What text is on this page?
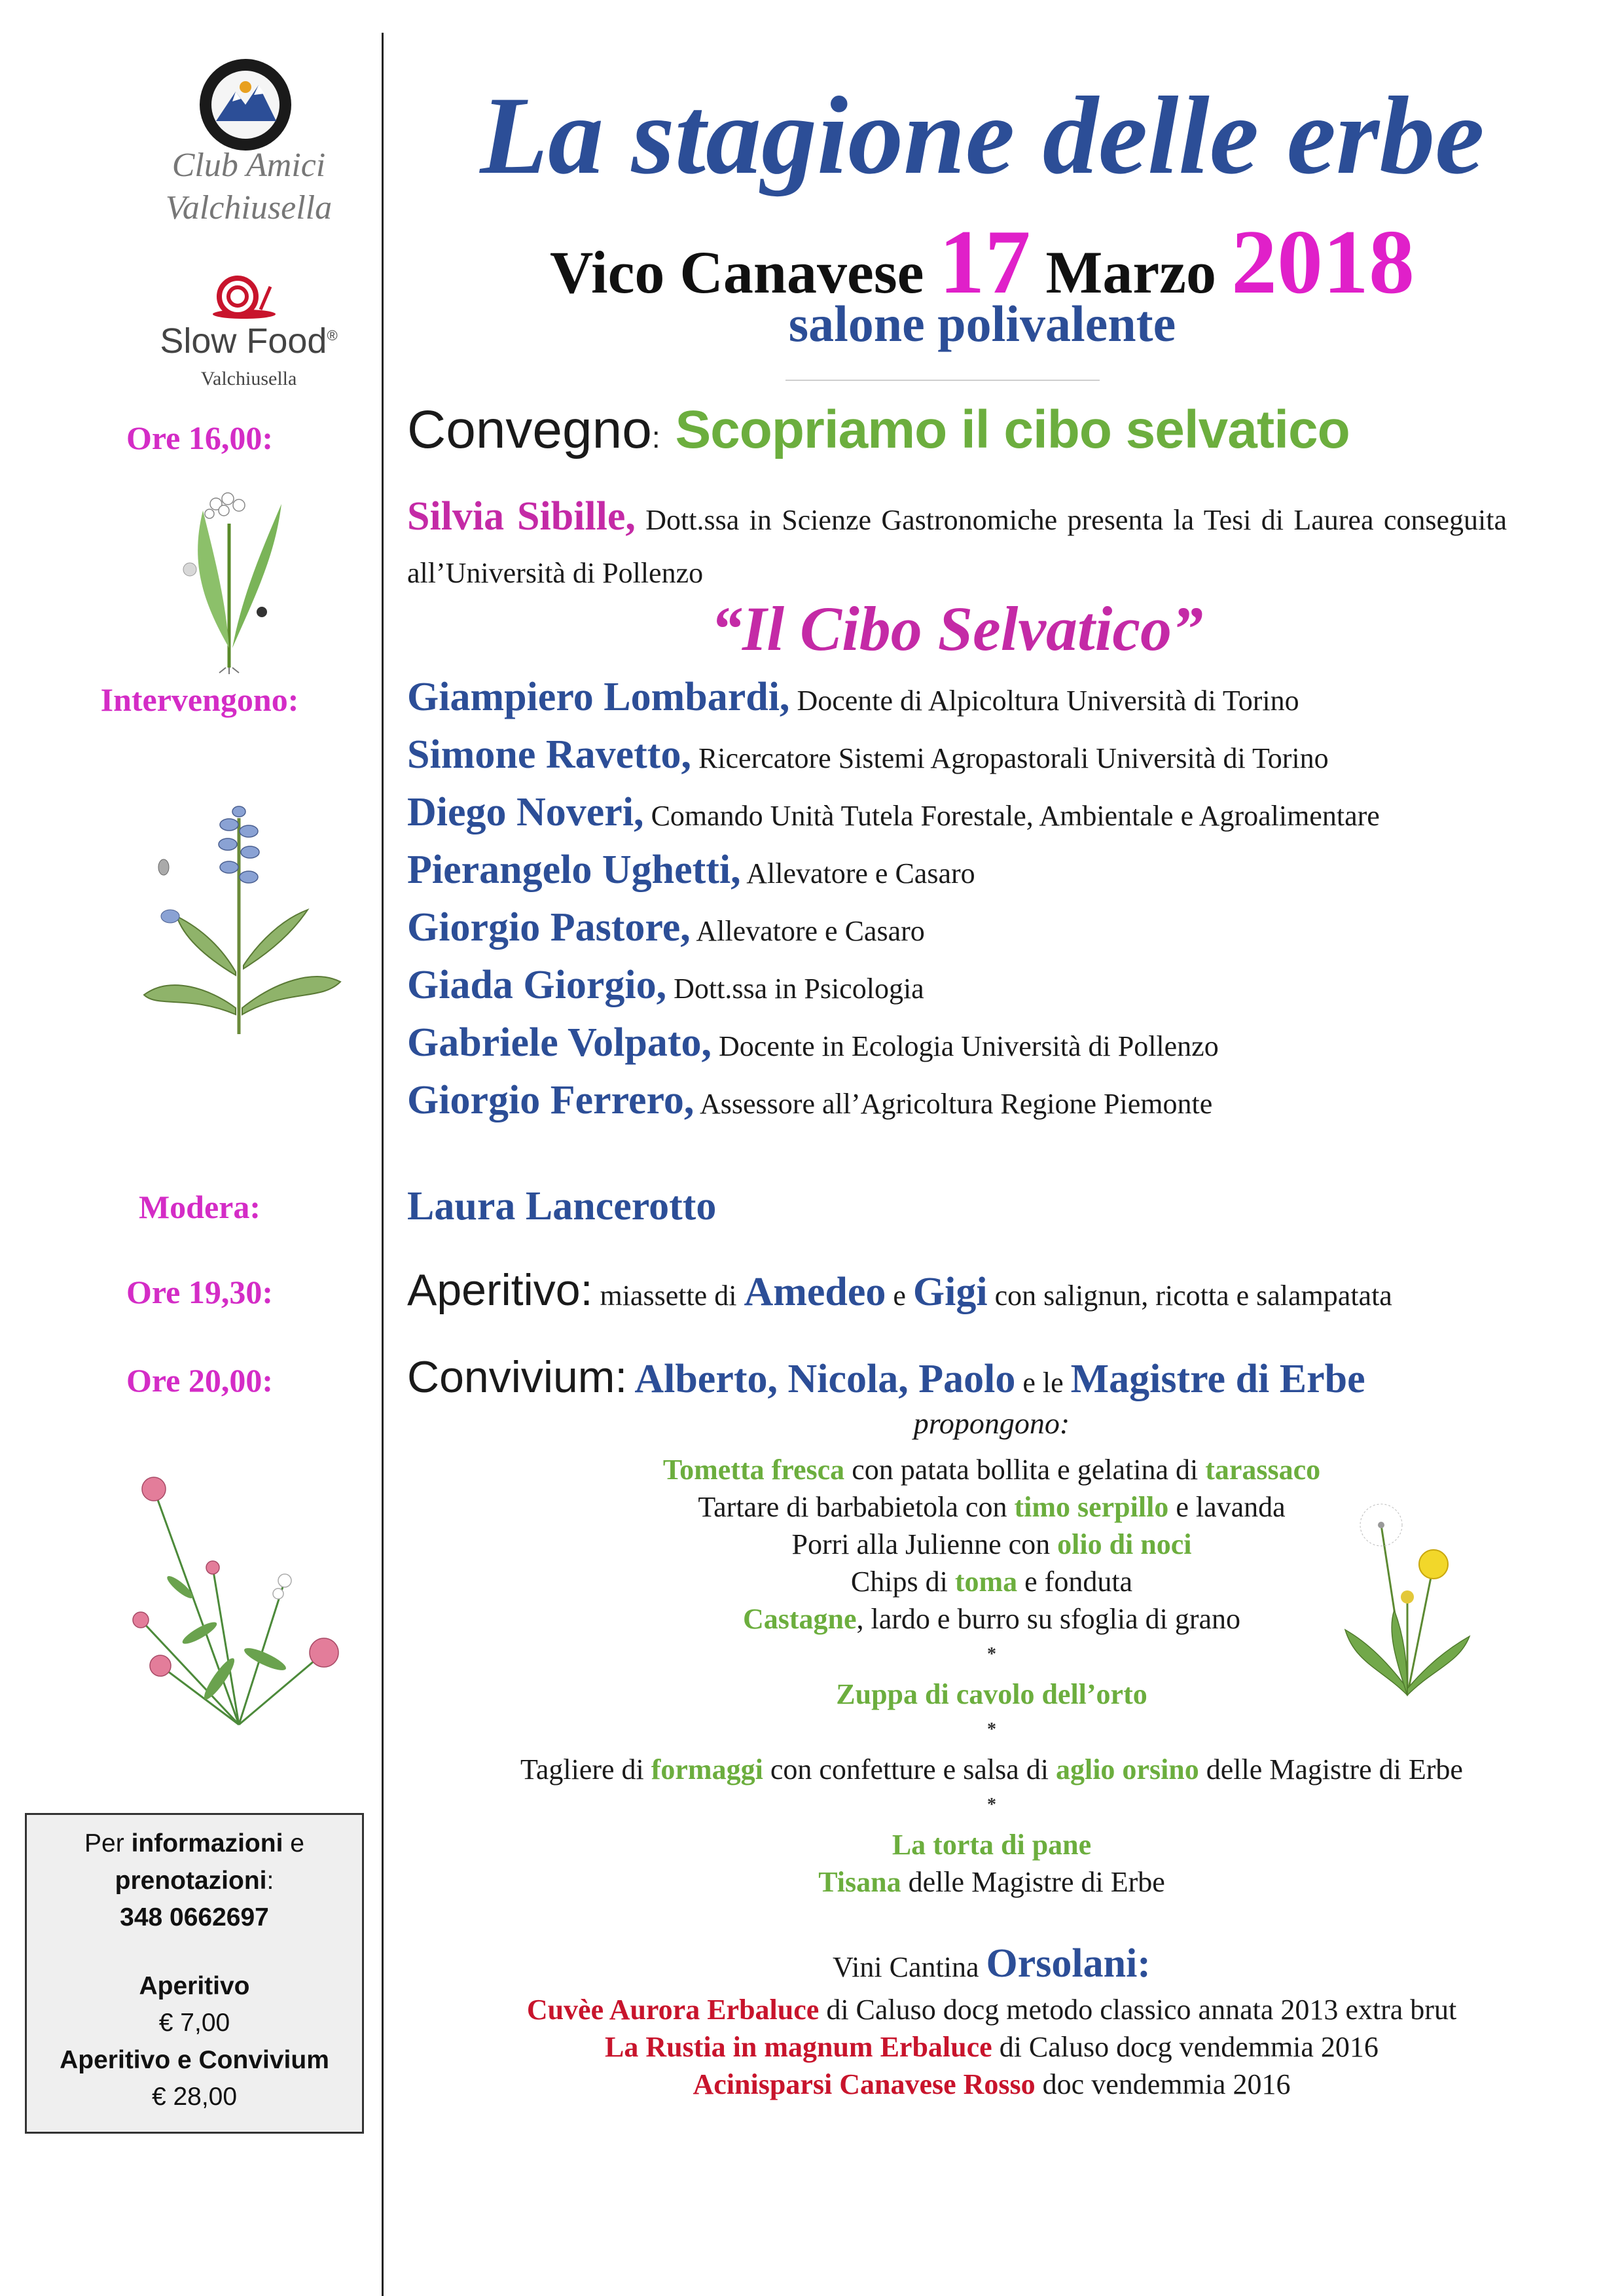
Club Amici
Valchiusella
Slow Food®
Valchiusella
La stagione delle erbe
Vico Canavese 17 Marzo 2018
salone polivalente
Ore 16,00:
Intervengono:
Modera:
Ore 19,30:
Ore 20,00:
Convegno: Scopriamo il cibo selvatico
Silvia Sibille, Dott.ssa in Scienze Gastronomiche presenta la Tesi di Laurea conseguita all’Università di Pollenzo
“Il Cibo Selvatico”
Giampiero Lombardi, Docente di Alpicoltura Università di Torino
Simone Ravetto, Ricercatore Sistemi Agropastorali Università di Torino
Diego Noveri, Comando Unità Tutela Forestale, Ambientale e Agroalimentare
Pierangelo Ughetti, Allevatore e Casaro
Giorgio Pastore, Allevatore e Casaro
Giada Giorgio, Dott.ssa in Psicologia
Gabriele Volpato, Docente in Ecologia Università di Pollenzo
Giorgio Ferrero, Assessore all’Agricoltura Regione Piemonte
Laura Lancerotto
Aperitivo: miassette di Amedeo e Gigi con salignun, ricotta e salampatata
Convivium: Alberto, Nicola, Paolo e le Magistre di Erbe
propongono:
Tometta fresca con patata bollita e gelatina di tarassaco
Tartare di barbabietola con timo serpillo e lavanda
Porri alla Julienne con olio di noci
Chips di toma e fonduta
Castagne, lardo e burro su sfoglia di grano
*
Zuppa di cavolo dell’orto
*
Tagliere di formaggi con confetture e salsa di aglio orsino delle Magistre di Erbe
*
La torta di pane
Tisana delle Magistre di Erbe
Vini Cantina Orsolani:
Cuvèe Aurora Erbaluce di Caluso docg metodo classico annata 2013 extra brut
La Rustia in magnum Erbaluce di Caluso docg vendemmia 2016
Acinisparsi Canavese Rosso doc vendemmia 2016
Per informazioni e
prenotazioni:
348 0662697
Aperitivo
€ 7,00
Aperitivo e Convivium
€ 28,00
